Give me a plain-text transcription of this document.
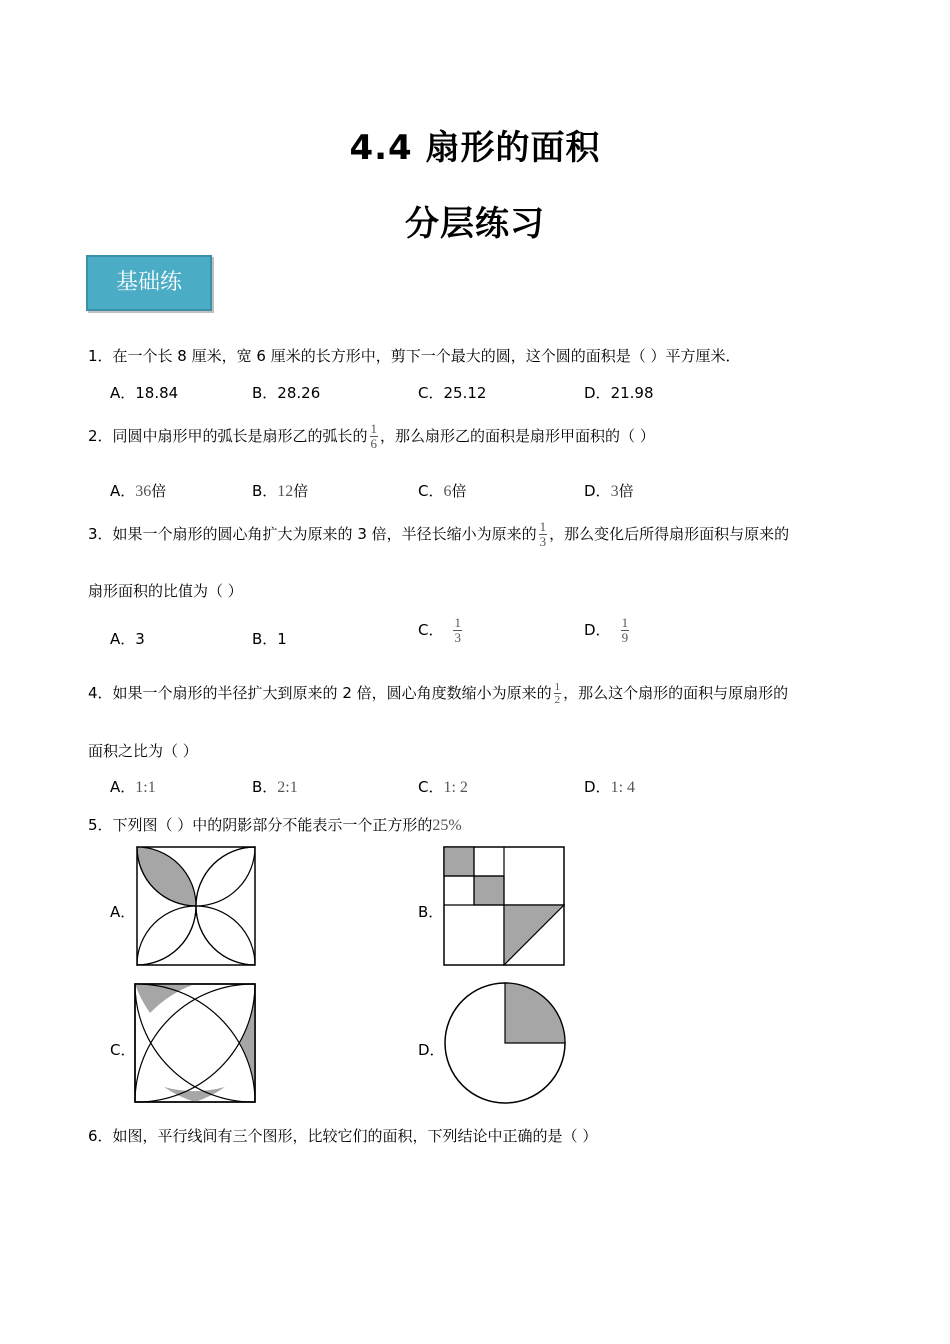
4.4 扇形的面积
分层练习
基础练
1．在一个长 8 厘米，宽 6 厘米的长方形中，剪下一个最大的圆，这个圆的面积是（ ）平方厘米．
A．18.84	B．28.26	C．25.12	D．21.98
2．同圆中扇形甲的弧长是扇形乙的弧长的 $\frac{1}{6}$ ，那么扇形乙的面积是扇形甲面积的（ ）
A．36倍	B．12倍	C．6倍	D．3倍
3．如果一个扇形的圆心角扩大为原来的 3 倍，半径长缩小为原来的 $\frac{1}{3}$ ，那么变化后所得扇形面积与原来的
扇形面积的比值为（ ）
A．3	B．1	C． $\frac{1}{3}$	D． $\frac{1}{9}$
4．如果一个扇形的半径扩大到原来的 2 倍，圆心角度数缩小为原来的 $\frac{1}{2}$ ，那么这个扇形的面积与原扇形的
面积之比为（ ）
A．1:1	B．2:1	C．1: 2	D．1: 4
5．下列图（ ）中的阴影部分不能表示一个正方形的25%
A．	B．
C．	D．
6．如图，平行线间有三个图形，比较它们的面积，下列结论中正确的是（ ）
